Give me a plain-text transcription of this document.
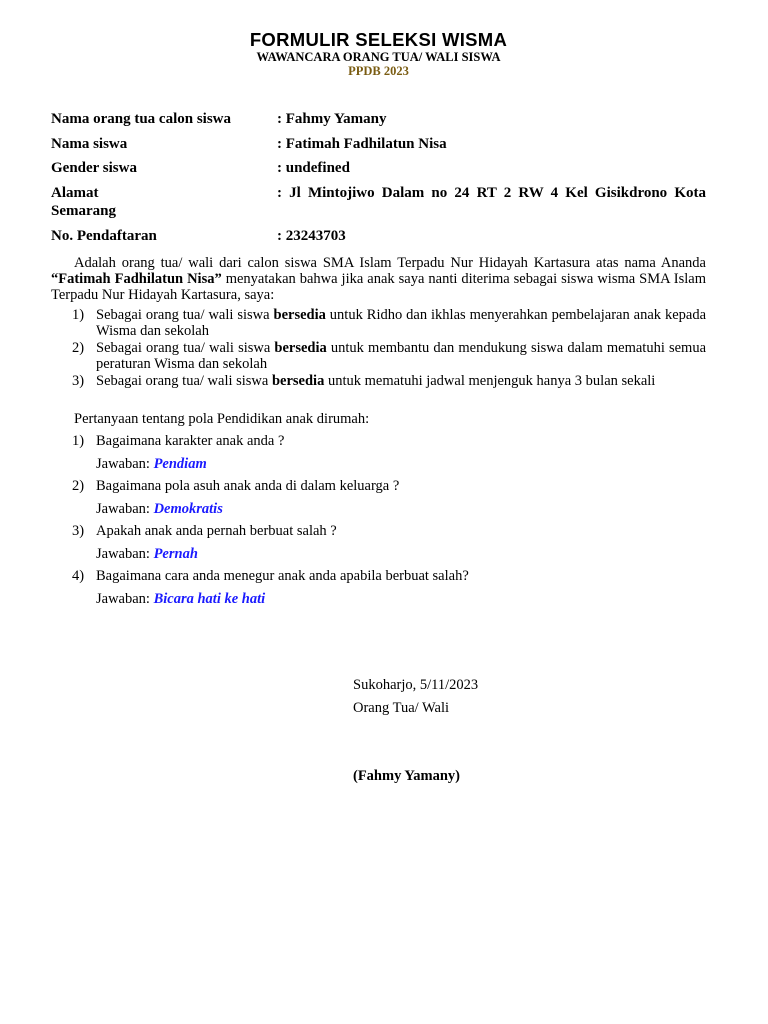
FORMULIR SELEKSI WISMA

WAWANCARA ORANG TUA/ WALI SISWA

PPDB 2023

Nama orang tua calon siswa	: Fahmy Yamany
Nama siswa	: Fatimah Fadhilatun Nisa
Gender siswa	: undefined
Alamat	: Jl Mintojiwo Dalam no 24 RT 2 RW 4 Kel Gisikdrono Kota
Semarang
No. Pendaftaran	: 23243703
Adalah orang tua/ wali dari calon siswa SMA Islam Terpadu Nur Hidayah Kartasura atas nama Ananda “Fatimah Fadhilatun Nisa” menyatakan bahwa jika anak saya nanti diterima sebagai siswa wisma SMA Islam Terpadu Nur Hidayah Kartasura, saya:
1) Sebagai orang tua/ wali siswa bersedia untuk Ridho dan ikhlas menyerahkan pembelajaran anak kepada Wisma dan sekolah
2) Sebagai orang tua/ wali siswa bersedia untuk membantu dan mendukung siswa dalam mematuhi semua peraturan Wisma dan sekolah
3) Sebagai orang tua/ wali siswa bersedia untuk mematuhi jadwal menjenguk hanya 3 bulan sekali
Pertanyaan tentang pola Pendidikan anak dirumah:
1) Bagaimana karakter anak anda ?
Jawaban: Pendiam
2) Bagaimana pola asuh anak anda di dalam keluarga ?
Jawaban: Demokratis
3) Apakah anak anda pernah berbuat salah ?
Jawaban: Pernah
4) Bagaimana cara anda menegur anak anda apabila berbuat salah?
Jawaban: Bicara hati ke hati
Sukoharjo, 5/11/2023
Orang Tua/ Wali
(Fahmy Yamany)
